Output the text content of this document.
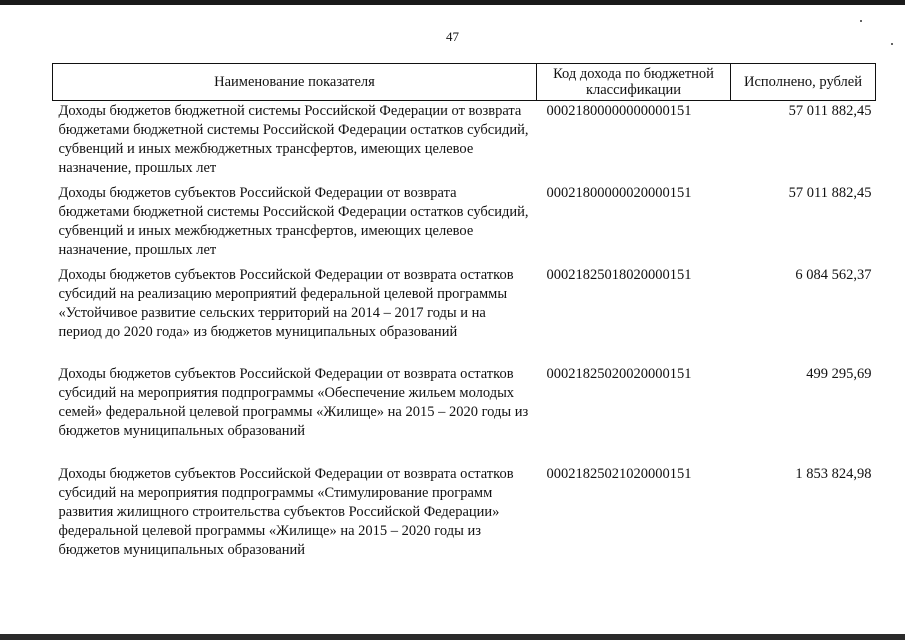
47
Наименование показателя	Код дохода по бюджетной классификации	Исполнено, рублей
Доходы бюджетов бюджетной системы Российской Федерации от возврата бюджетами бюджетной системы Российской Федерации остатков субсидий, субвенций и иных межбюджетных трансфертов, имеющих целевое назначение, прошлых лет	00021800000000000151	57 011 882,45
Доходы бюджетов субъектов Российской Федерации от возврата бюджетами бюджетной системы Российской Федерации остатков субсидий, субвенций и иных межбюджетных трансфертов, имеющих целевое назначение, прошлых лет	00021800000020000151	57 011 882,45
Доходы бюджетов субъектов Российской Федерации от возврата остатков субсидий на реализацию мероприятий федеральной целевой программы «Устойчивое развитие сельских территорий на 2014 – 2017 годы и на период до 2020 года» из бюджетов муниципальных образований	00021825018020000151	6 084 562,37
Доходы бюджетов субъектов Российской Федерации от возврата остатков субсидий на мероприятия подпрограммы «Обеспечение жильем молодых семей» федеральной целевой программы «Жилище» на 2015 – 2020 годы из бюджетов муниципальных образований	00021825020020000151	499 295,69
Доходы бюджетов субъектов Российской Федерации от возврата остатков субсидий на мероприятия подпрограммы «Стимулирование программ развития жилищного строительства субъектов Российской Федерации» федеральной целевой программы «Жилище» на 2015 – 2020 годы из бюджетов муниципальных образований	00021825021020000151	1 853 824,98
